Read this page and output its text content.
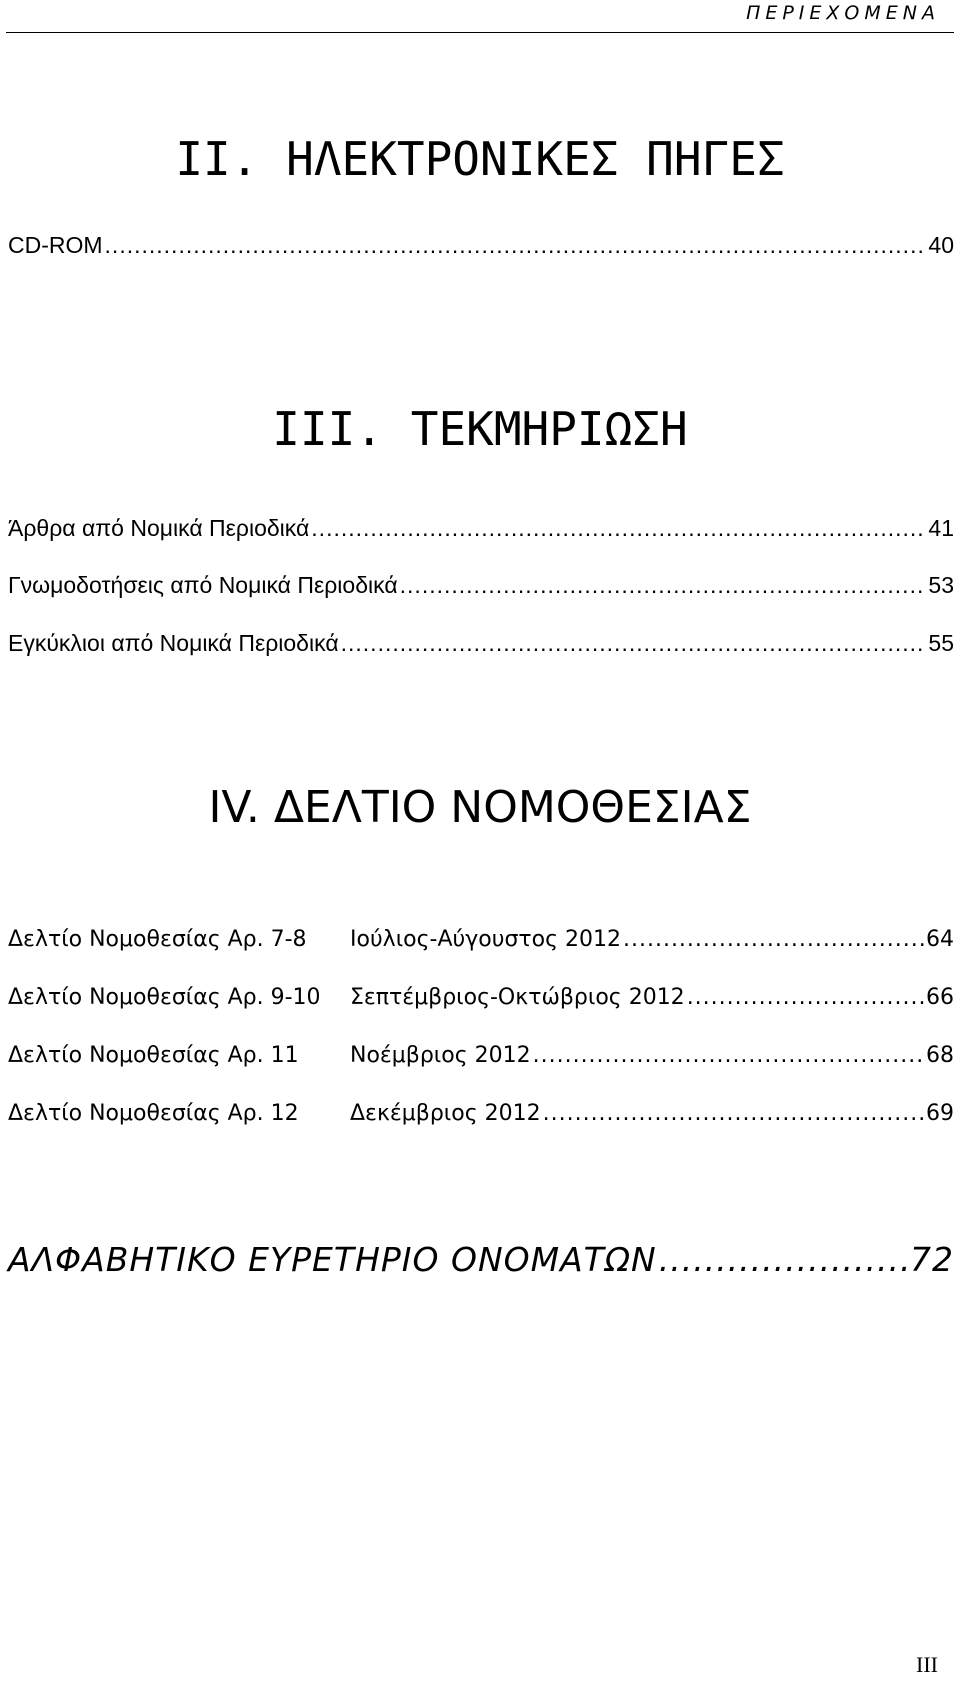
ΠΕΡΙΕΧΟΜΕΝΑ
II. ΗΛΕΚΤΡΟΝΙΚΕΣ ΠΗΓΕΣ
CD-ROM .....	40
III. ΤΕΚΜΗΡΙΩΣΗ
Άρθρα από Νομικά Περιοδικά .....	41
Γνωμοδοτήσεις από Νομικά Περιοδικά .....	53
Εγκύκλιοι από Νομικά Περιοδικά .....	55
IV. ΔΕΛΤΙΟ ΝΟΜΟΘΕΣΙΑΣ
Δελτίο Νομοθεσίας Αρ. 7-8	Ιούλιος-Αύγουστος 2012 .....	64
Δελτίο Νομοθεσίας Αρ. 9-10	Σεπτέμβριος-Οκτώβριος 2012 .....	66
Δελτίο Νομοθεσίας Αρ. 11	Νοέμβριος 2012 .....	68
Δελτίο Νομοθεσίας Αρ. 12	Δεκέμβριος 2012 .....	69
ΑΛΦΑΒΗΤΙΚΟ ΕΥΡΕΤΗΡΙΟ ΟΝΟΜΑΤΩΝ .....	72
III
